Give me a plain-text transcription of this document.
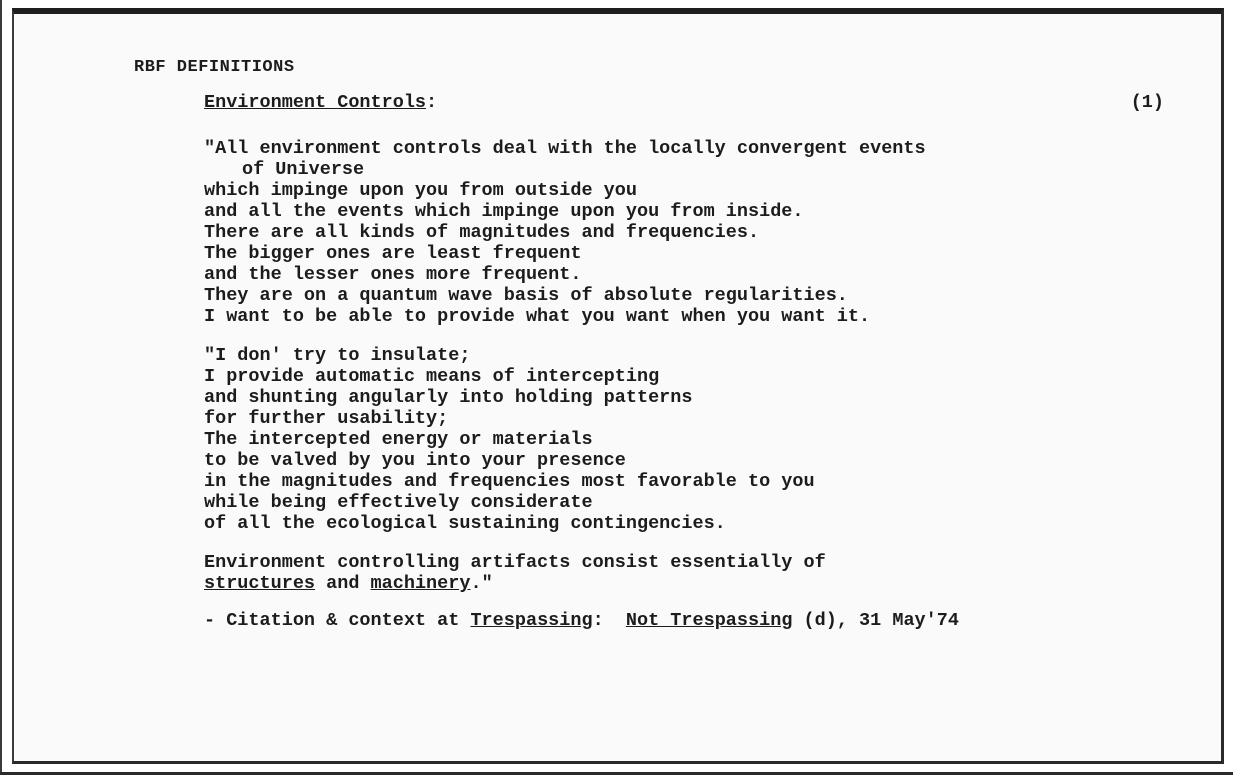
RBF DEFINITIONS
Environment Controls:	(1)
"All environment controls deal with the locally convergent events
of Universe
which impinge upon you from outside you
and all the events which impinge upon you from inside.
There are all kinds of magnitudes and frequencies.
The bigger ones are least frequent
and the lesser ones more frequent.
They are on a quantum wave basis of absolute regularities.
I want to be able to provide what you want when you want it.
"I don' try to insulate;
I provide automatic means of intercepting
and shunting angularly into holding patterns
for further usability;
The intercepted energy or materials
to be valved by you into your presence
in the magnitudes and frequencies most favorable to you
while being effectively considerate
of all the ecological sustaining contingencies.
Environment controlling artifacts consist essentially of
structures and machinery."
- Citation & context at Trespassing:  Not Trespassing (d), 31 May'74
